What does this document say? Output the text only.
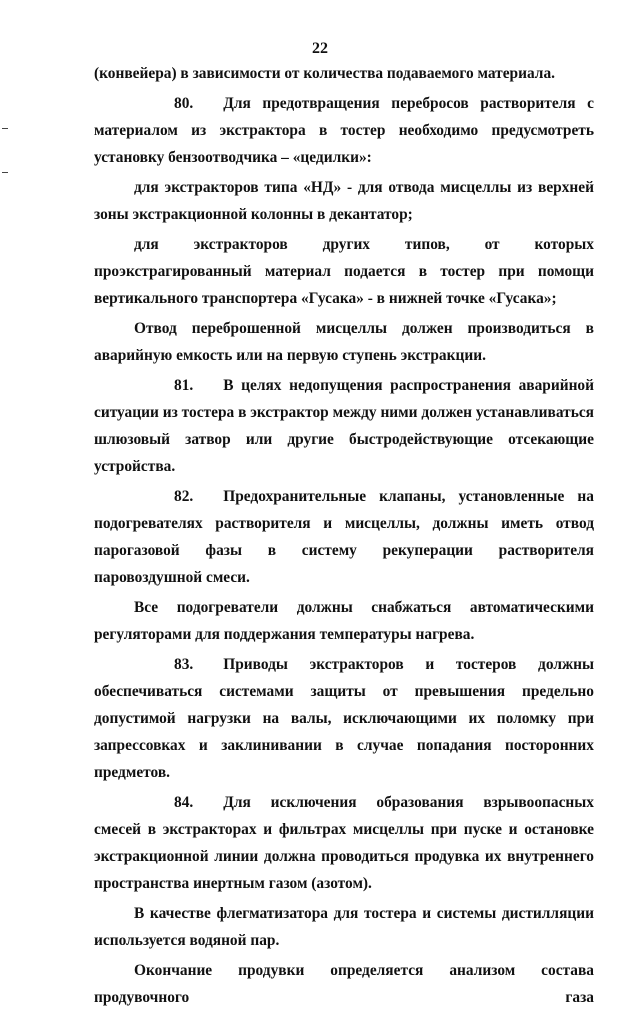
22

(конвейера) в зависимости от количества подаваемого материала.

80. Для предотвращения перебросов растворителя с материалом из экстрактора в тостер необходимо предусмотреть установку бензоотводчика – «цедилки»:

для экстракторов типа «НД» - для отвода мисцеллы из верхней зоны экстракционной колонны в декантатор;

для экстракторов других типов, от которых проэкстрагированный материал подается в тостер при помощи вертикального транспортера «Гусака» - в нижней точке «Гусака»;

Отвод переброшенной мисцеллы должен производиться в аварийную емкость или на первую ступень экстракции.

81. В целях недопущения распространения аварийной ситуации из тостера в экстрактор между ними должен устанавливаться шлюзовый затвор или другие быстродействующие отсекающие устройства.

82. Предохранительные клапаны, установленные на подогревателях растворителя и мисцеллы, должны иметь отвод парогазовой фазы в систему рекуперации растворителя паровоздушной смеси.

Все подогреватели должны снабжаться автоматическими регуляторами для поддержания температуры нагрева.

83. Приводы экстракторов и тостеров должны обеспечиваться системами защиты от превышения предельно допустимой нагрузки на валы, исключающими их поломку при запрессовках и заклинивании в случае попадания посторонних предметов.

84. Для исключения образования взрывоопасных смесей в экстракторах и фильтрах мисцеллы при пуске и остановке экстракционной линии должна проводиться продувка их внутреннего пространства инертным газом (азотом).

В качестве флегматизатора для тостера и системы дистилляции используется водяной пар.

Окончание продувки определяется анализом состава продувочного газа
